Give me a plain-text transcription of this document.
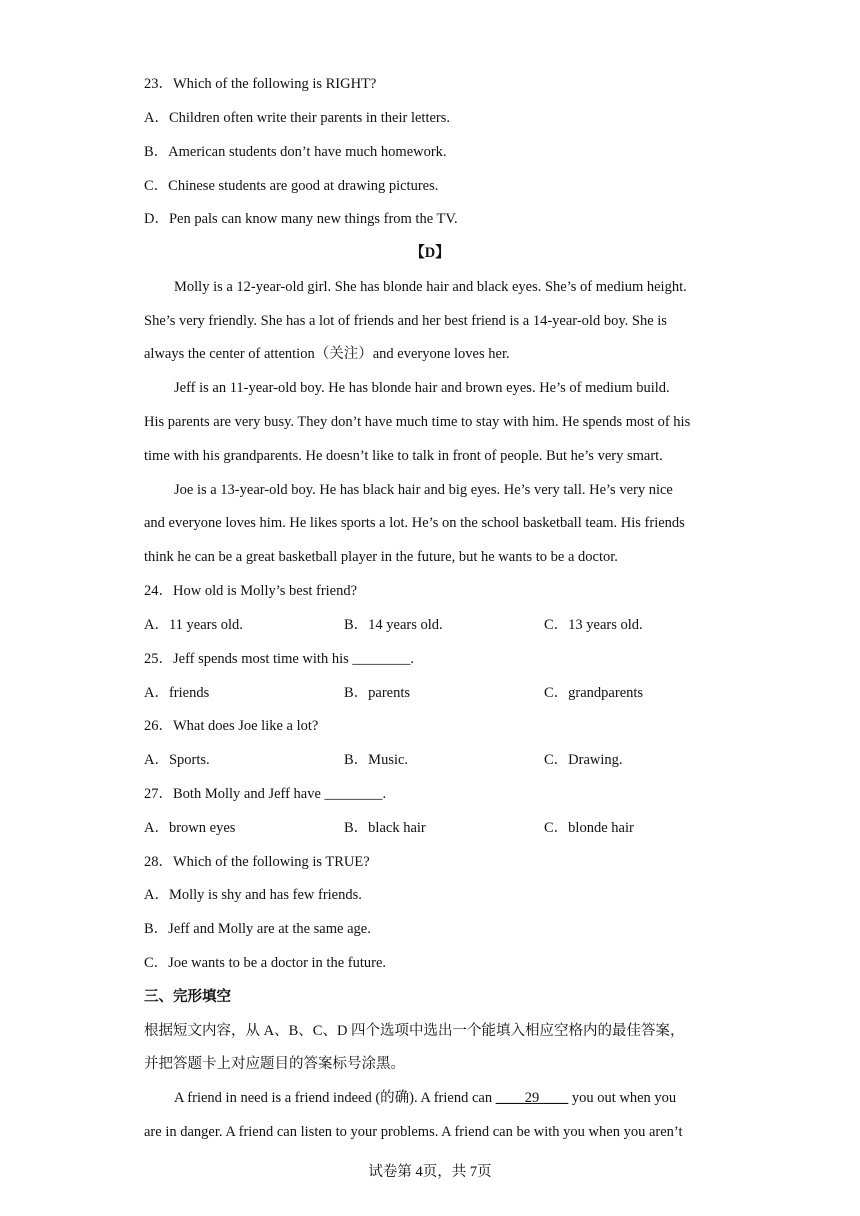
23．Which of the following is RIGHT?
A．Children often write their parents in their letters.
B．American students don’t have much homework.
C．Chinese students are good at drawing pictures.
D．Pen pals can know many new things from the TV.
【D】
Molly is a 12-year-old girl. She has blonde hair and black eyes. She’s of medium height.
She’s very friendly. She has a lot of friends and her best friend is a 14-year-old boy. She is
always the center of attention（关注）and everyone loves her.
Jeff is an 11-year-old boy. He has blonde hair and brown eyes. He’s of medium build.
His parents are very busy. They don’t have much time to stay with him. He spends most of his
time with his grandparents. He doesn’t like to talk in front of people. But he’s very smart.
Joe is a 13-year-old boy. He has black hair and big eyes. He’s very tall. He’s very nice
and everyone loves him. He likes sports a lot. He’s on the school basketball team. His friends
think he can be a great basketball player in the future, but he wants to be a doctor.
24．How old is Molly’s best friend?
A．11 years old.	B．14 years old.	C．13 years old.
25．Jeff spends most time with his ________.
A．friends	B．parents	C．grandparents
26．What does Joe like a lot?
A．Sports.	B．Music.	C．Drawing.
27．Both Molly and Jeff have ________.
A．brown eyes	B．black hair	C．blonde hair
28．Which of the following is TRUE?
A．Molly is shy and has few friends.
B．Jeff and Molly are at the same age.
C．Joe wants to be a doctor in the future.
三、完形填空
根据短文内容，从 A、B、C、D 四个选项中选出一个能填入相应空格内的最佳答案，
并把答题卡上对应题目的答案标号涂黑。
A friend in need is a friend indeed (的确). A friend can ____29____ you out when you
are in danger. A friend can listen to your problems. A friend can be with you when you aren’t
试卷第 4页，共 7页
